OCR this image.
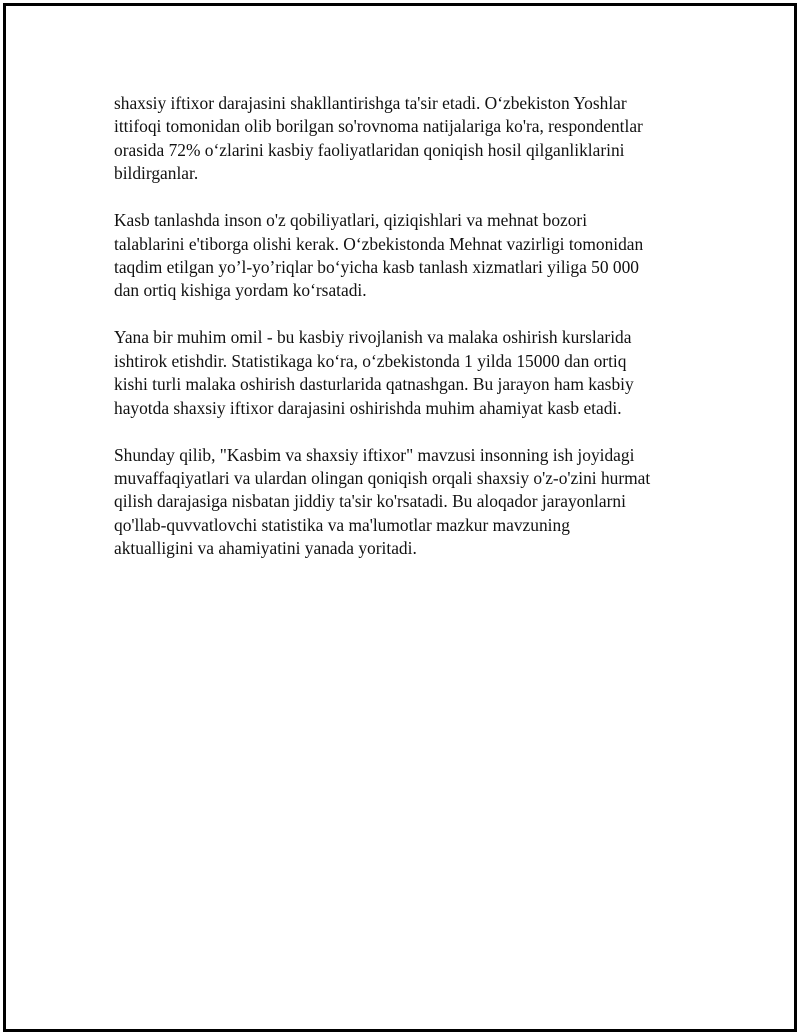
shaxsiy iftixor darajasini shakllantirishga ta'sir etadi. O‘zbekiston Yoshlar
ittifoqi tomonidan olib borilgan so'rovnoma natijalariga ko'ra, respondentlar
orasida 72% o‘zlarini kasbiy faoliyatlaridan qoniqish hosil qilganliklarini
bildirganlar.

Kasb tanlashda inson o'z qobiliyatlari, qiziqishlari va mehnat bozori
talablarini e'tiborga olishi kerak. O‘zbekistonda Mehnat vazirligi tomonidan
taqdim etilgan yo’l-yo’riqlar bo‘yicha kasb tanlash xizmatlari yiliga 50 000
dan ortiq kishiga yordam ko‘rsatadi.

Yana bir muhim omil - bu kasbiy rivojlanish va malaka oshirish kurslarida
ishtirok etishdir. Statistikaga ko‘ra, o‘zbekistonda 1 yilda 15000 dan ortiq
kishi turli malaka oshirish dasturlarida qatnashgan. Bu jarayon ham kasbiy
hayotda shaxsiy iftixor darajasini oshirishda muhim ahamiyat kasb etadi.

Shunday qilib, "Kasbim va shaxsiy iftixor" mavzusi insonning ish joyidagi
muvaffaqiyatlari va ulardan olingan qoniqish orqali shaxsiy o'z-o'zini hurmat
qilish darajasiga nisbatan jiddiy ta'sir ko'rsatadi. Bu aloqador jarayonlarni
qo'llab-quvvatlovchi statistika va ma'lumotlar mazkur mavzuning
aktualligini va ahamiyatini yanada yoritadi.
